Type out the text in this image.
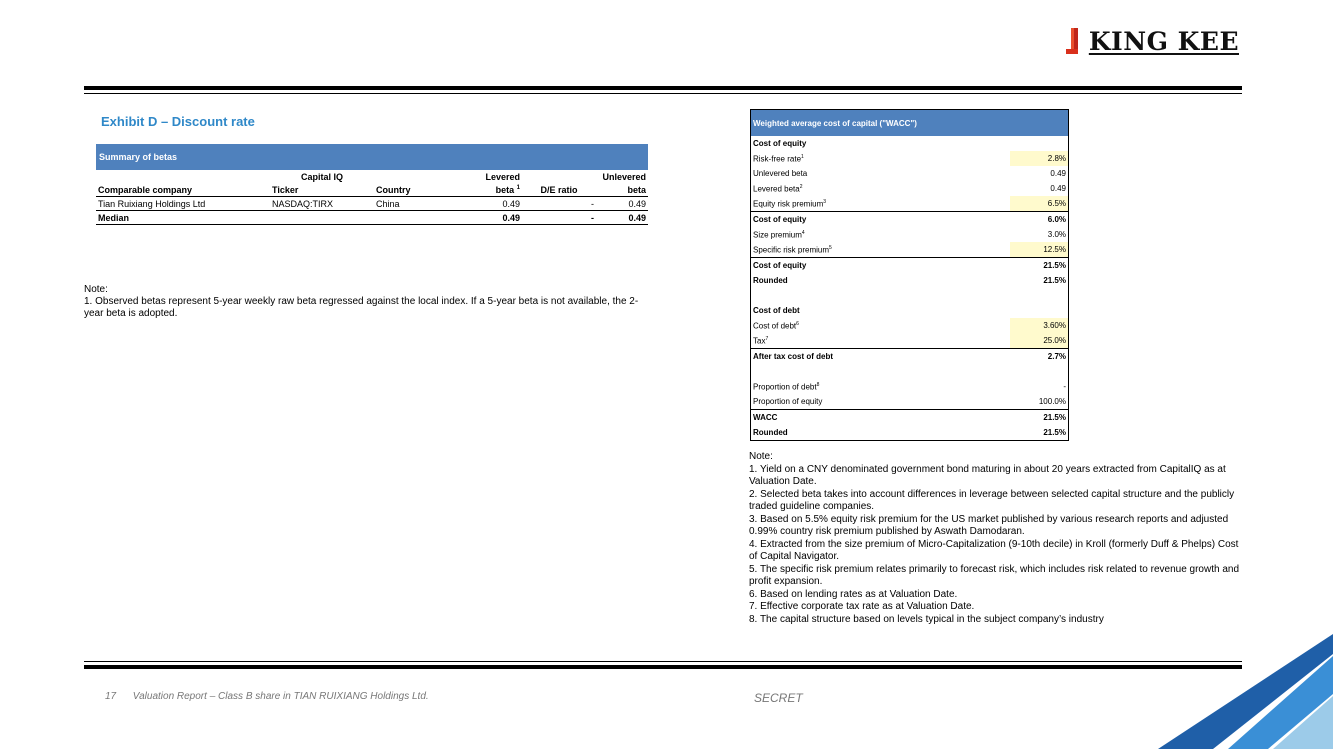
KING KEE
Exhibit D – Discount rate
Summary of betas					
	Capital IQ		Levered		Unlevered
Comparable company	Ticker	Country	beta $^1$	D/E ratio	beta
Tian Ruixiang Holdings Ltd	NASDAQ:TIRX	China	0.49	-	0.49
Median			0.49	-	0.49
Note:
1. Observed betas represent 5-year weekly raw beta regressed against the local index. If a 5-year beta is not available, the 2-year beta is adopted.
Weighted average cost of capital ("WACC")	
Cost of equity	
Risk-free rate$^1$	2.8%
Unlevered beta	0.49
Levered beta$^2$	0.49
Equity risk premium$^3$	6.5%
Cost of equity	6.0%
Size premium$^4$	3.0%
Specific risk premium$^5$	12.5%
Cost of equity	21.5%
Rounded	21.5%

Cost of debt	
Cost of debt$^6$	3.60%
Tax$^7$	25.0%
After tax cost of debt	2.7%

Proportion of debt$^8$	-
Proportion of equity	100.0%
WACC	21.5%
Rounded	21.5%
Note:
1. Yield on a CNY denominated government bond maturing in about 20 years extracted from CapitalIQ as at Valuation Date.
2. Selected beta takes into account differences in leverage between selected capital structure and the publicly traded guideline companies.
3. Based on 5.5% equity risk premium for the US market published by various research reports and adjusted 0.99% country risk premium published by Aswath Damodaran.
4. Extracted from the size premium of Micro-Capitalization (9-10th decile) in Kroll (formerly Duff & Phelps) Cost of Capital Navigator.
5. The specific risk premium relates primarily to forecast risk, which includes risk related to revenue growth and profit expansion.
6. Based on lending rates as at Valuation Date.
7. Effective corporate tax rate as at Valuation Date.
8. The capital structure based on levels typical in the subject company’s industry
17 Valuation Report – Class B share in TIAN RUIXIANG Holdings Ltd.	SECRET
